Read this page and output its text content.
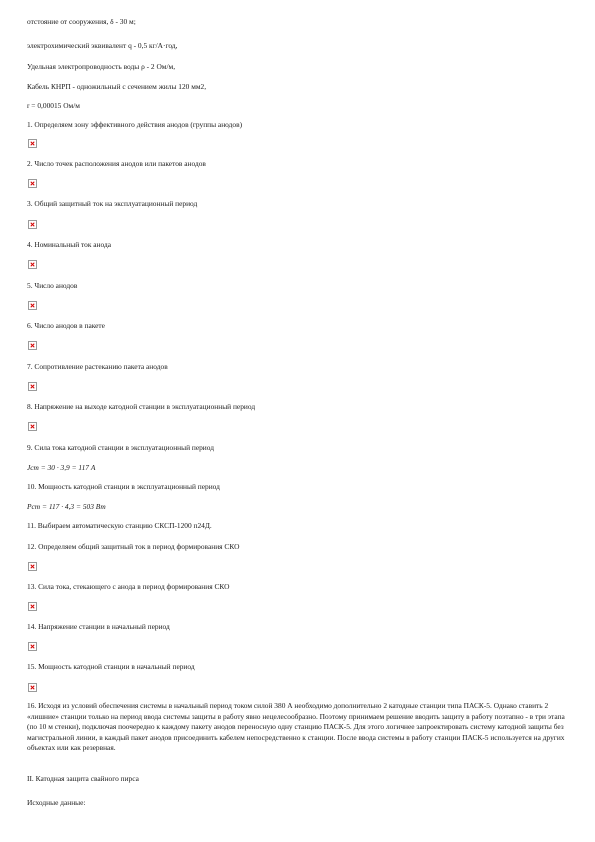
отстояние от сооружения, δ - 30 м;
электрохимический эквивалент q - 0,5 кг/А·год,
Удельная электропроводность воды ρ - 2 Ом/м,
Кабель КНРП - одножильный с сечением жилы 120 мм2,
r = 0,00015 Ом/м
1. Определяем зону эффективного действия анодов (группы анодов)
2. Число точек расположения анодов или пакетов анодов
3. Общий защитный ток на эксплуатационный период
4. Номинальный ток анода
5. Число анодов
6. Число анодов в пакете
7. Сопротивление растеканию пакета анодов
8. Напряжение на выходе катодной станции в эксплуатационный период
9. Сила тока катодной станции в эксплуатационный период
Jст = 30 · 3,9 = 117 А
10. Мощность катодной станции в эксплуатационный период
Рст = 117 · 4,3 = 503 Вт
11. Выбираем автоматическую станцию СКСП-1200 п24Д.
12. Определяем общий защитный ток в период формирования СКО
13. Сила тока, стекающего с анода в период формирования СКО
14. Напряжение станции в начальный период
15. Мощность катодной станции в начальный период
16. Исходя из условий обеспечения системы в начальный период током силой 380 А необходимо дополнительно 2 катодные станции типа ПАСК-5. Однако ставить 2 «лишние» станции только на период ввода системы защиты в работу явно нецелесообразно. Поэтому принимаем решение вводить защиту в работу поэтапно - в три этапа (по 10 м стенки), подключая поочередно к каждому пакету анодов переносную одну станцию ПАСК-5. Для этого логичнее запроектировать систему катодной защиты без магистральной линии, в каждый пакет анодов присоединить кабелем непосредственно к станции. После ввода системы в работу станции ПАСК-5 используется на других объектах или как резервная.
II. Катодная защита свайного пирса
Исходные данные:
